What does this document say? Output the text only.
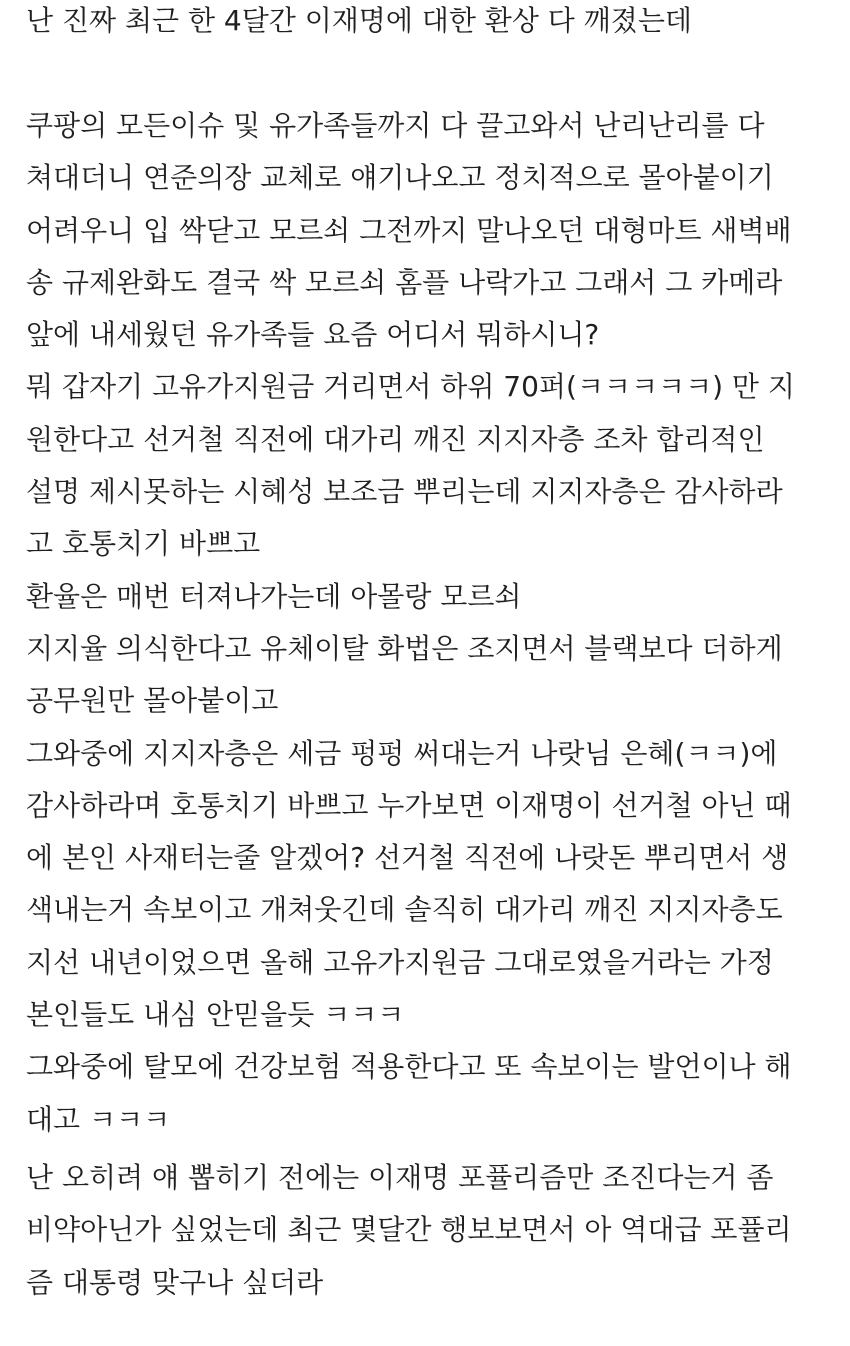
난 진짜 최근 한 4달간 이재명에 대한 환상 다 깨졌는데
쿠팡의 모든이슈 및 유가족들까지 다 끌고와서 난리난리를 다
쳐대더니 연준의장 교체로 얘기나오고 정치적으로 몰아붙이기
어려우니 입 싹닫고 모르쇠 그전까지 말나오던 대형마트 새벽배
송 규제완화도 결국 싹 모르쇠 홈플 나락가고 그래서 그 카메라
앞에 내세웠던 유가족들 요즘 어디서 뭐하시니?
뭐 갑자기 고유가지원금 거리면서 하위 70퍼(ㅋㅋㅋㅋㅋ) 만 지
원한다고 선거철 직전에 대가리 깨진 지지자층 조차 합리적인
설명 제시못하는 시혜성 보조금 뿌리는데 지지자층은 감사하라
고 호통치기 바쁘고
환율은 매번 터져나가는데 아몰랑 모르쇠
지지율 의식한다고 유체이탈 화법은 조지면서 블랙보다 더하게
공무원만 몰아붙이고
그와중에 지지자층은 세금 펑펑 써대는거 나랏님 은혜(ㅋㅋ)에
감사하라며 호통치기 바쁘고 누가보면 이재명이 선거철 아닌 때
에 본인 사재터는줄 알겠어? 선거철 직전에 나랏돈 뿌리면서 생
색내는거 속보이고 개쳐웃긴데 솔직히 대가리 깨진 지지자층도
지선 내년이었으면 올해 고유가지원금 그대로였을거라는 가정
본인들도 내심 안믿을듯 ㅋㅋㅋ
그와중에 탈모에 건강보험 적용한다고 또 속보이는 발언이나 해
대고 ㅋㅋㅋ
난 오히려 얘 뽑히기 전에는 이재명 포퓰리즘만 조진다는거 좀
비약아닌가 싶었는데 최근 몇달간 행보보면서 아 역대급 포퓰리
즘 대통령 맞구나 싶더라
